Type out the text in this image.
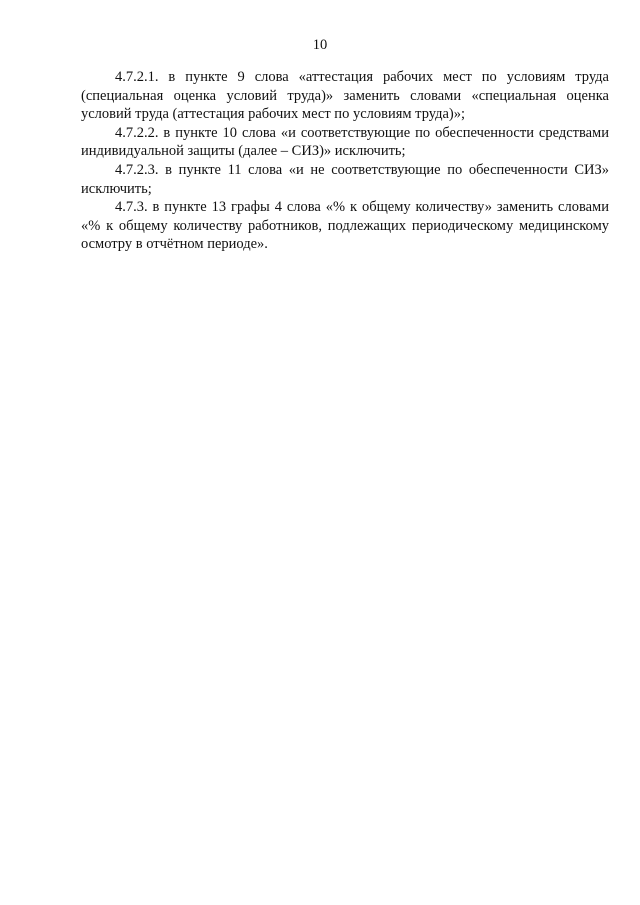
10

4.7.2.1. в пункте 9 слова «аттестация рабочих мест по условиям труда (специальная оценка условий труда)» заменить словами «специальная оценка условий труда (аттестация рабочих мест по условиям труда)»;

4.7.2.2. в пункте 10 слова «и соответствующие по обеспеченности средствами индивидуальной защиты (далее – СИЗ)» исключить;

4.7.2.3. в пункте 11 слова «и не соответствующие по обеспеченности СИЗ» исключить;

4.7.3. в пункте 13 графы 4 слова «% к общему количеству» заменить словами «% к общему количеству работников, подлежащих периодическому медицинскому осмотру в отчётном периоде».
